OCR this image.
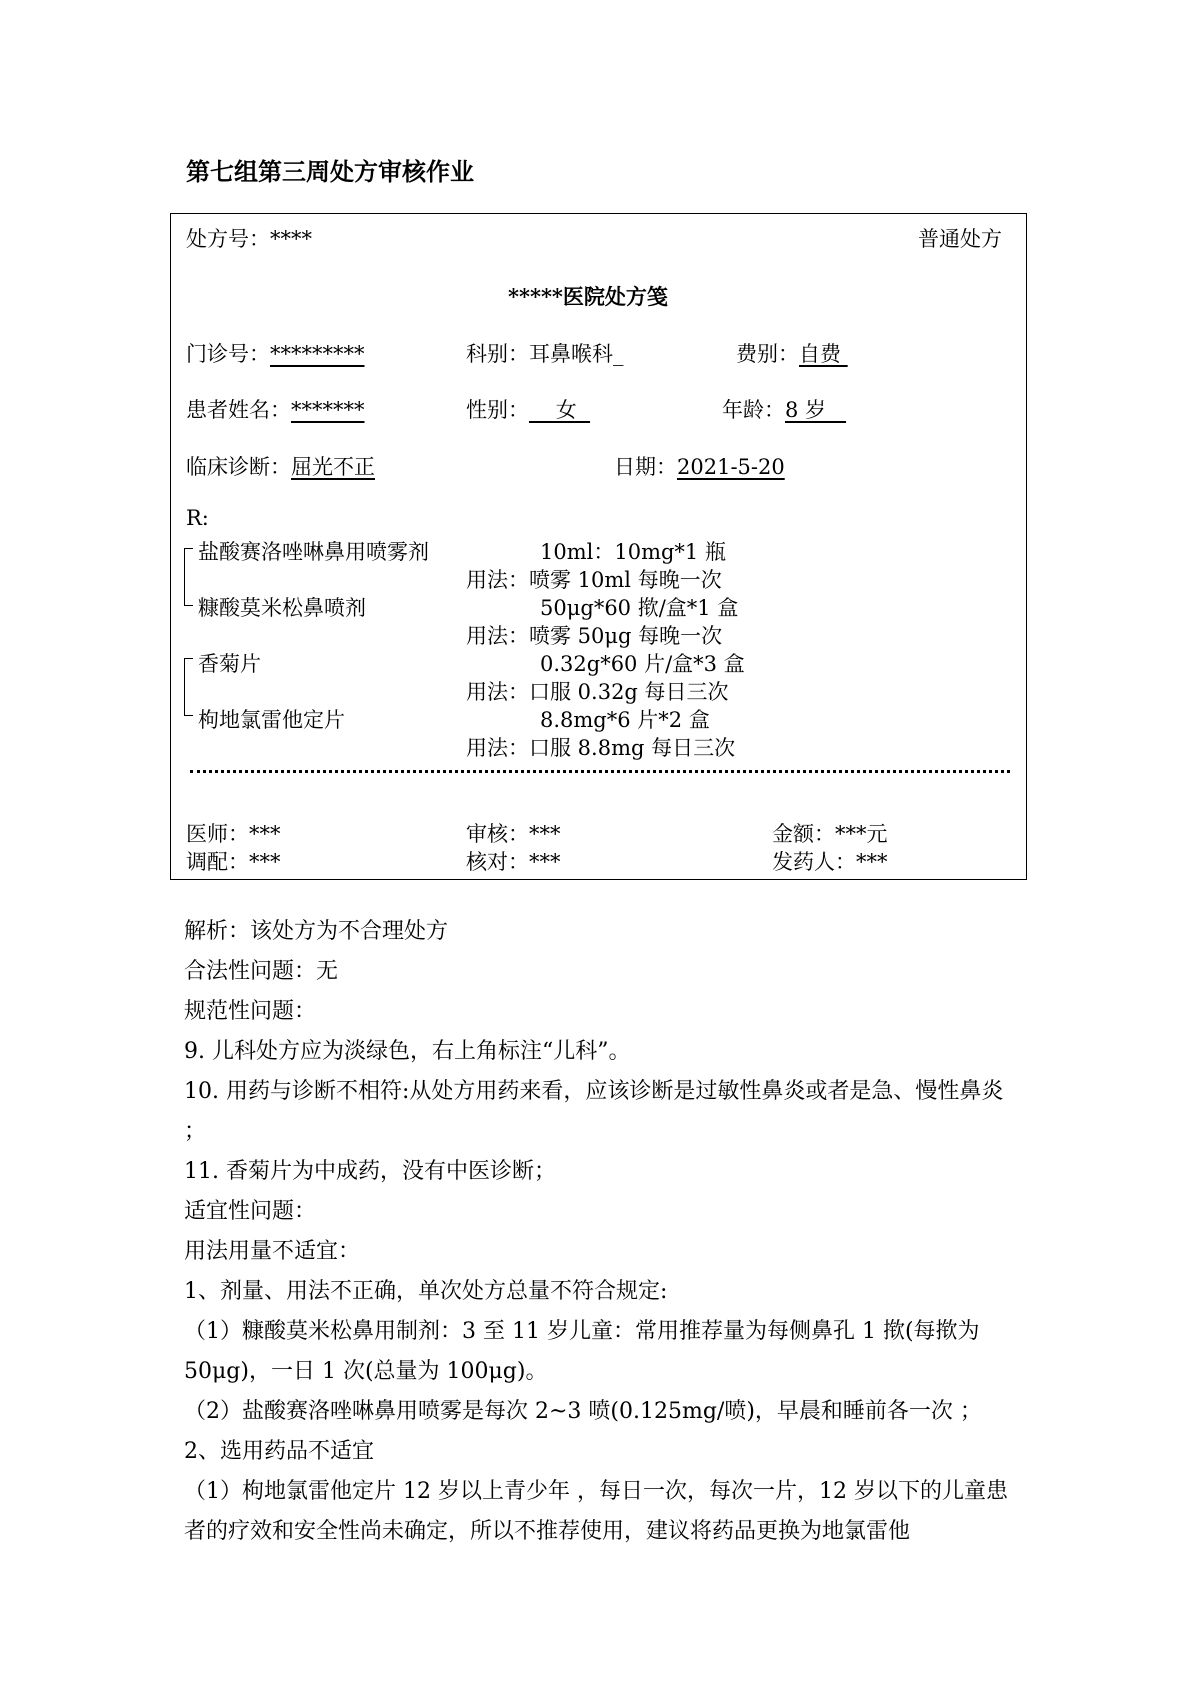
第七组第三周处方审核作业
处方号：****	普通处方
*****医院处方笺
门诊号：*********	科别：耳鼻喉科_	费别：自费
患者姓名：*******	性别：    女	年龄：8 岁
临床诊断：屈光不正	日期：2021-5-20
R:
盐酸赛洛唑啉鼻用喷雾剂	10ml：10mg*1 瓶
用法：喷雾 10ml 每晚一次
糠酸莫米松鼻喷剂	50μg*60 揿/盒*1 盒
用法：喷雾 50μg 每晚一次
香菊片	0.32g*60 片/盒*3 盒
用法：口服 0.32g 每日三次
枸地氯雷他定片	8.8mg*6 片*2 盒
用法：口服 8.8mg 每日三次
医师：***	审核：***	金额：***元
调配：***	核对：***	发药人：***
解析：该处方为不合理处方
合法性问题：无
规范性问题：
9. 儿科处方应为淡绿色，右上角标注“儿科”。
10. 用药与诊断不相符:从处方用药来看，应该诊断是过敏性鼻炎或者是急、慢性鼻炎 ；
11. 香菊片为中成药，没有中医诊断；
适宜性问题：
用法用量不适宜：
1、剂量、用法不正确，单次处方总量不符合规定:
（1）糠酸莫米松鼻用制剂：3 至 11 岁儿童：常用推荐量为每侧鼻孔 1 揿(每揿为 50μg)，一日 1 次(总量为 100μg)。
（2）盐酸赛洛唑啉鼻用喷雾是每次 2~3 喷(0.125mg/喷)，早晨和睡前各一次 ；
2、选用药品不适宜
（1）枸地氯雷他定片 12 岁以上青少年 ，每日一次，每次一片，12 岁以下的儿童患者的疗效和安全性尚未确定，所以不推荐使用，建议将药品更换为地氯雷他
